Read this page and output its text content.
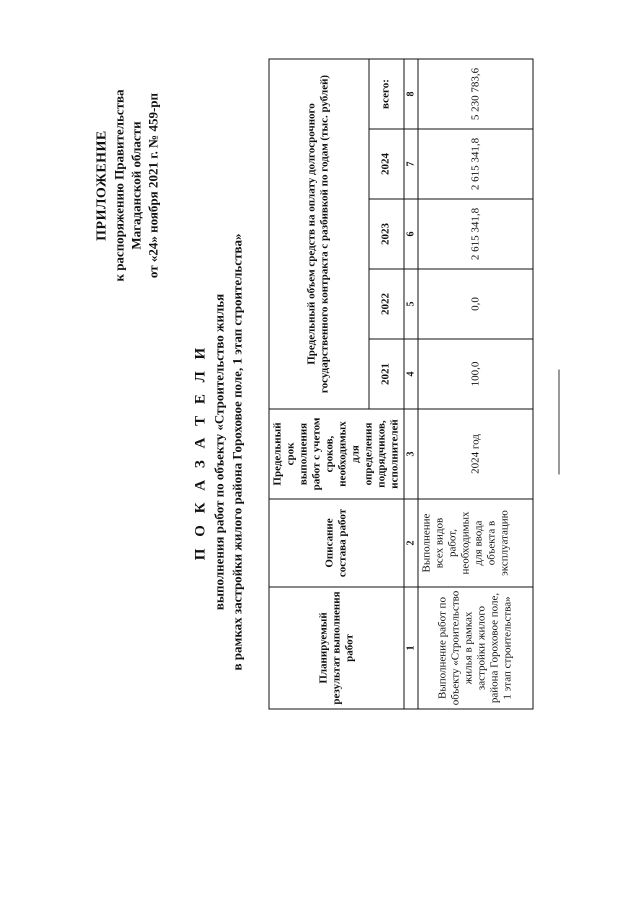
ПРИЛОЖЕНИЕ к распоряжению Правительства Магаданской области от «24» ноября 2021 г. № 459-рп
П О К А З А Т Е Л И выполнения работ по объекту «Строительство жилья в рамках застройки жилого района Гороховое поле, 1 этап строительства»	Планируемый результат выполнения работ	Описание состава работ	Предельный срок выполнения работ с учетом сроков, необходимых для определения подрядчиков, исполнителей	Предельный объем средств на оплату долгосрочного государственного контракта с разбивкой по годам (тыс. рублей)				
			2021	2022	2023	2024	всего:
1	2	3	4	5	6	7	8
Выполнение работ по объекту «Строительство жилья в рамках застройки жилого района Гороховое поле, 1 этап строительства»	Выполнение всех видов работ, необходимых для ввода объекта в эксплуатацию	2024 год	100,0	0,0	2 615 341,8	2 615 341,8	5 230 783,6
